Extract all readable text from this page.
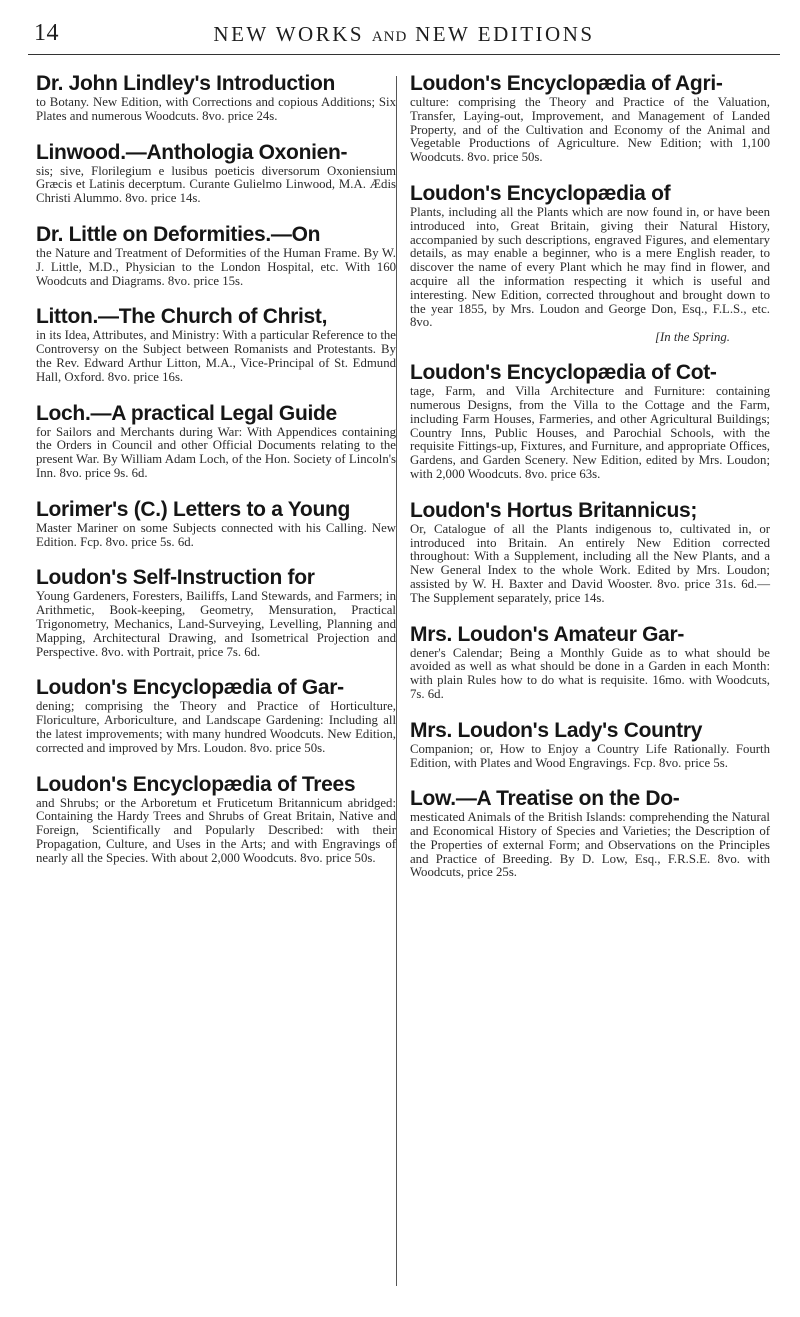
14	NEW WORKS AND NEW EDITIONS

Dr. John Lindley's Introduction

to Botany. New Edition, with Corrections and copious Additions; Six Plates and numerous Woodcuts. 8vo. price 24s.

Linwood.—Anthologia Oxonien-

sis; sive, Florilegium e lusibus poeticis diversorum Oxoniensium Græcis et Latinis decerptum. Curante Gulielmo Linwood, M.A. Ædis Christi Alummo. 8vo. price 14s.

Dr. Little on Deformities.—On

the Nature and Treatment of Deformities of the Human Frame. By W. J. Little, M.D., Physician to the London Hospital, etc. With 160 Woodcuts and Diagrams. 8vo. price 15s.

Litton.—The Church of Christ,

in its Idea, Attributes, and Ministry: With a particular Reference to the Controversy on the Subject between Romanists and Protestants. By the Rev. Edward Arthur Litton, M.A., Vice-Principal of St. Edmund Hall, Oxford. 8vo. price 16s.

Loch.—A practical Legal Guide

for Sailors and Merchants during War: With Appendices containing the Orders in Council and other Official Documents relating to the present War. By William Adam Loch, of the Hon. Society of Lincoln's Inn. 8vo. price 9s. 6d.

Lorimer's (C.) Letters to a Young

Master Mariner on some Subjects connected with his Calling. New Edition. Fcp. 8vo. price 5s. 6d.

Loudon's Self-Instruction for

Young Gardeners, Foresters, Bailiffs, Land Stewards, and Farmers; in Arithmetic, Book-keeping, Geometry, Mensuration, Practical Trigonometry, Mechanics, Land-Surveying, Levelling, Planning and Mapping, Architectural Drawing, and Isometrical Projection and Perspective. 8vo. with Portrait, price 7s. 6d.

Loudon's Encyclopædia of Gar-

dening; comprising the Theory and Practice of Horticulture, Floriculture, Arboriculture, and Landscape Gardening: Including all the latest improvements; with many hundred Woodcuts. New Edition, corrected and improved by Mrs. Loudon. 8vo. price 50s.

Loudon's Encyclopædia of Trees

and Shrubs; or the Arboretum et Fruticetum Britannicum abridged: Containing the Hardy Trees and Shrubs of Great Britain, Native and Foreign, Scientifically and Popularly Described: with their Propagation, Culture, and Uses in the Arts; and with Engravings of nearly all the Species. With about 2,000 Woodcuts. 8vo. price 50s.

Loudon's Encyclopædia of Agri-

culture: comprising the Theory and Practice of the Valuation, Transfer, Laying-out, Improvement, and Management of Landed Property, and of the Cultivation and Economy of the Animal and Vegetable Productions of Agriculture. New Edition; with 1,100 Woodcuts. 8vo. price 50s.

Loudon's Encyclopædia of

Plants, including all the Plants which are now found in, or have been introduced into, Great Britain, giving their Natural History, accompanied by such descriptions, engraved Figures, and elementary details, as may enable a beginner, who is a mere English reader, to discover the name of every Plant which he may find in flower, and acquire all the information respecting it which is useful and interesting. New Edition, corrected throughout and brought down to the year 1855, by Mrs. Loudon and George Don, Esq., F.L.S., etc. 8vo.

[In the Spring.

Loudon's Encyclopædia of Cot-

tage, Farm, and Villa Architecture and Furniture: containing numerous Designs, from the Villa to the Cottage and the Farm, including Farm Houses, Farmeries, and other Agricultural Buildings; Country Inns, Public Houses, and Parochial Schools, with the requisite Fittings-up, Fixtures, and Furniture, and appropriate Offices, Gardens, and Garden Scenery. New Edition, edited by Mrs. Loudon; with 2,000 Woodcuts. 8vo. price 63s.

Loudon's Hortus Britannicus;

Or, Catalogue of all the Plants indigenous to, cultivated in, or introduced into Britain. An entirely New Edition corrected throughout: With a Supplement, including all the New Plants, and a New General Index to the whole Work. Edited by Mrs. Loudon; assisted by W. H. Baxter and David Wooster. 8vo. price 31s. 6d.—The Supplement separately, price 14s.

Mrs. Loudon's Amateur Gar-

dener's Calendar; Being a Monthly Guide as to what should be avoided as well as what should be done in a Garden in each Month: with plain Rules how to do what is requisite. 16mo. with Woodcuts, 7s. 6d.

Mrs. Loudon's Lady's Country

Companion; or, How to Enjoy a Country Life Rationally. Fourth Edition, with Plates and Wood Engravings. Fcp. 8vo. price 5s.

Low.—A Treatise on the Do-

mesticated Animals of the British Islands: comprehending the Natural and Economical History of Species and Varieties; the Description of the Properties of external Form; and Observations on the Principles and Practice of Breeding. By D. Low, Esq., F.R.S.E. 8vo. with Woodcuts, price 25s.
